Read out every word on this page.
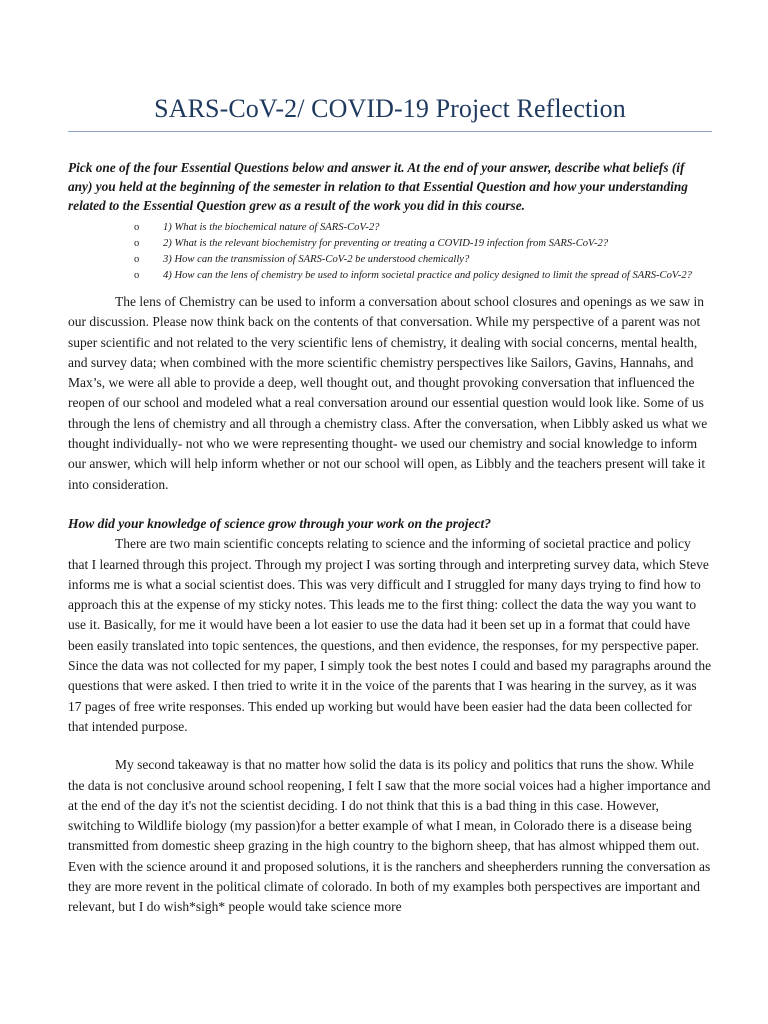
SARS-CoV-2/ COVID-19 Project Reflection

Pick one of the four Essential Questions below and answer it. At the end of your answer, describe what beliefs (if any) you held at the beginning of the semester in relation to that Essential Question and how your understanding related to the Essential Question grew as a result of the work you did in this course.

o 1) What is the biochemical nature of SARS-CoV-2?
o 2) What is the relevant biochemistry for preventing or treating a COVID-19 infection from SARS-CoV-2?
o 3) How can the transmission of SARS-CoV-2 be understood chemically?
o 4) How can the lens of chemistry be used to inform societal practice and policy designed to limit the spread of SARS-CoV-2?

The lens of Chemistry can be used to inform a conversation about school closures and openings as we saw in our discussion. Please now think back on the contents of that conversation. While my perspective of a parent was not super scientific and not related to the very scientific lens of chemistry, it dealing with social concerns, mental health, and survey data; when combined with the more scientific chemistry perspectives like Sailors, Gavins, Hannahs, and Max’s, we were all able to provide a deep, well thought out, and thought provoking conversation that influenced the reopen of our school and modeled what a real conversation around our essential question would look like. Some of us through the lens of chemistry and all through a chemistry class. After the conversation, when Libbly asked us what we thought individually- not who we were representing thought- we used our chemistry and social knowledge to inform our answer, which will help inform whether or not our school will open, as Libbly and the teachers present will take it into consideration.

How did your knowledge of science grow through your work on the project?

There are two main scientific concepts relating to science and the informing of societal practice and policy that I learned through this project. Through my project I was sorting through and interpreting survey data, which Steve informs me is what a social scientist does. This was very difficult and I struggled for many days trying to find how to approach this at the expense of my sticky notes. This leads me to the first thing: collect the data the way you want to use it. Basically, for me it would have been a lot easier to use the data had it been set up in a format that could have been easily translated into topic sentences, the questions, and then evidence, the responses, for my perspective paper. Since the data was not collected for my paper, I simply took the best notes I could and based my paragraphs around the questions that were asked. I then tried to write it in the voice of the parents that I was hearing in the survey, as it was 17 pages of free write responses. This ended up working but would have been easier had the data been collected for that intended purpose.

My second takeaway is that no matter how solid the data is its policy and politics that runs the show. While the data is not conclusive around school reopening, I felt I saw that the more social voices had a higher importance and at the end of the day it's not the scientist deciding. I do not think that this is a bad thing in this case. However, switching to Wildlife biology (my passion)for a better example of what I mean, in Colorado there is a disease being transmitted from domestic sheep grazing in the high country to the bighorn sheep, that has almost whipped them out. Even with the science around it and proposed solutions, it is the ranchers and sheepherders running the conversation as they are more revent in the political climate of colorado. In both of my examples both perspectives are important and relevant, but I do wish*sigh* people would take science more
